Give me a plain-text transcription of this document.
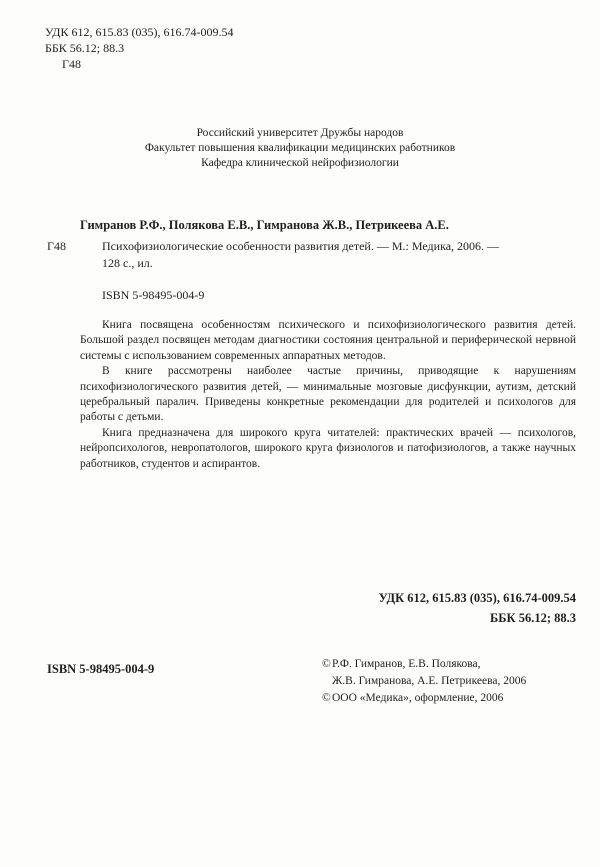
УДК 612, 615.83 (035), 616.74-009.54
ББК 56.12; 88.3
Г48
Российский университет Дружбы народов
Факультет повышения квалификации медицинских работников
Кафедра клинической нейрофизиологии
Гимранов Р.Ф., Полякова Е.В., Гимранова Ж.В., Петрикеева А.Е.
Г48	Психофизиологические особенности развития детей. — М.: Медика, 2006. —
128 с., ил.
ISBN 5-98495-004-9

Книга посвящена особенностям психического и психофизиологического развития детей. Большой раздел посвящен методам диагностики состояния центральной и периферической нервной системы с использованием современных аппаратных методов.

В книге рассмотрены наиболее частые причины, приводящие к нарушениям психофизиологического развития детей, — минимальные мозговые дисфункции, аутизм, детский церебральный паралич. Приведены конкретные рекомендации для родителей и психологов для работы с детьми.

Книга предназначена для широкого круга читателей: практических врачей — психологов, нейропсихологов, невропатологов, широкого круга физиологов и патофизиологов, а также научных работников, студентов и аспирантов.

УДК 612, 615.83 (035), 616.74-009.54
ББК 56.12; 88.3
ISBN 5-98495-004-9	© Р.Ф. Гимранов, Е.В. Полякова,
Ж.В. Гимранова, А.Е. Петрикеева, 2006
© ООО «Медика», оформление, 2006
